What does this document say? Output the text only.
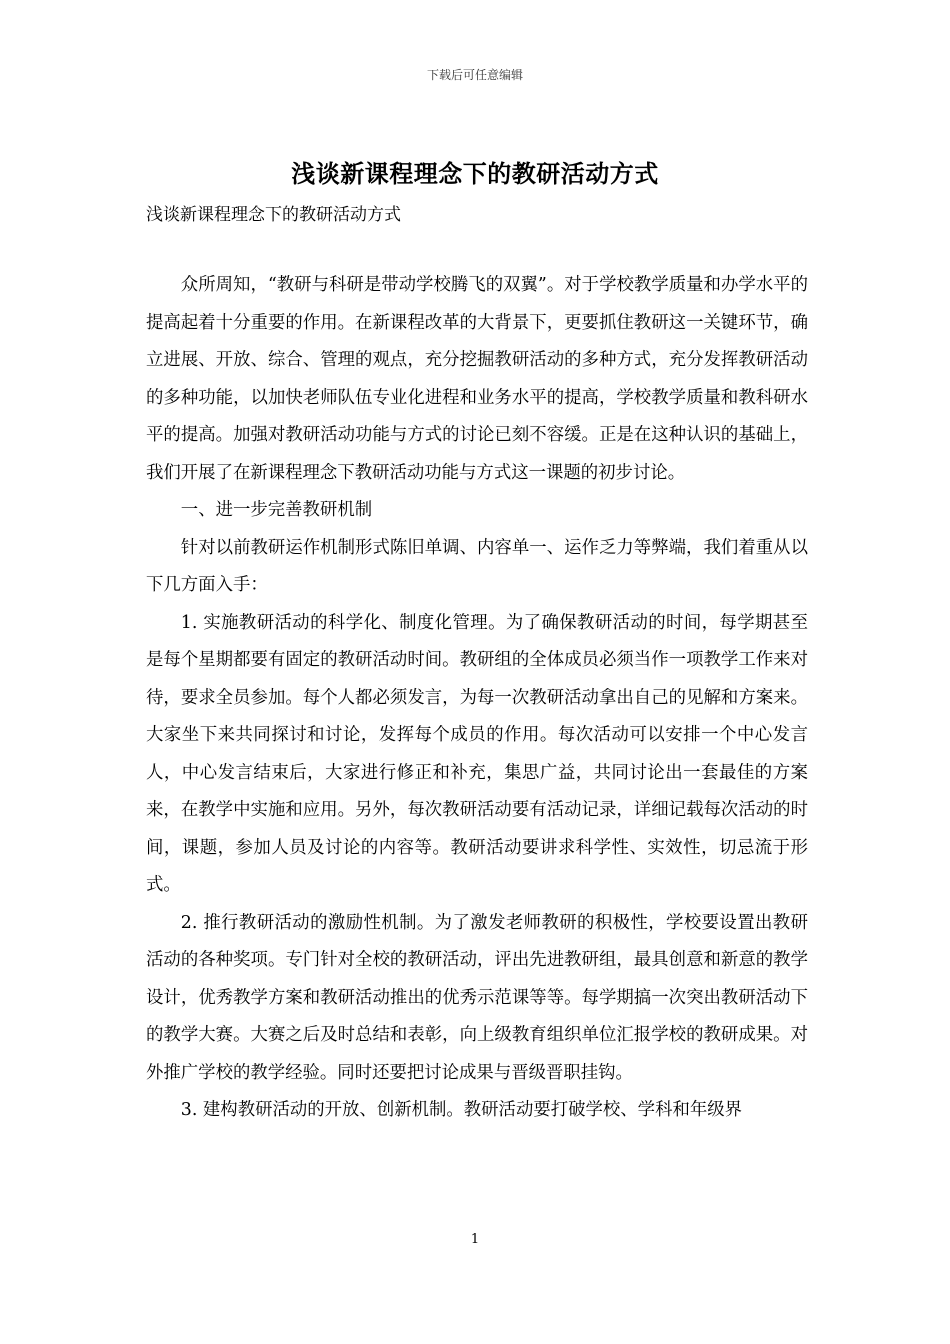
下载后可任意编辑
浅谈新课程理念下的教研活动方式

浅谈新课程理念下的教研活动方式

众所周知，“教研与科研是带动学校腾飞的双翼”。对于学校教学质量和办学水平的提高起着十分重要的作用。在新课程改革的大背景下，更要抓住教研这一关键环节，确立进展、开放、综合、管理的观点，充分挖掘教研活动的多种方式，充分发挥教研活动的多种功能，以加快老师队伍专业化进程和业务水平的提高，学校教学质量和教科研水平的提高。加强对教研活动功能与方式的讨论已刻不容缓。正是在这种认识的基础上，我们开展了在新课程理念下教研活动功能与方式这一课题的初步讨论。

一、进一步完善教研机制

针对以前教研运作机制形式陈旧单调、内容单一、运作乏力等弊端，我们着重从以下几方面入手：

1. 实施教研活动的科学化、制度化管理。为了确保教研活动的时间，每学期甚至是每个星期都要有固定的教研活动时间。教研组的全体成员必须当作一项教学工作来对待，要求全员参加。每个人都必须发言，为每一次教研活动拿出自己的见解和方案来。大家坐下来共同探讨和讨论，发挥每个成员的作用。每次活动可以安排一个中心发言人，中心发言结束后，大家进行修正和补充，集思广益，共同讨论出一套最佳的方案来，在教学中实施和应用。另外，每次教研活动要有活动记录，详细记载每次活动的时间，课题，参加人员及讨论的内容等。教研活动要讲求科学性、实效性，切忌流于形式。

2. 推行教研活动的激励性机制。为了激发老师教研的积极性，学校要设置出教研活动的各种奖项。专门针对全校的教研活动，评出先进教研组，最具创意和新意的教学设计，优秀教学方案和教研活动推出的优秀示范课等等。每学期搞一次突出教研活动下的教学大赛。大赛之后及时总结和表彰，向上级教育组织单位汇报学校的教研成果。对外推广学校的教学经验。同时还要把讨论成果与晋级晋职挂钩。

3. 建构教研活动的开放、创新机制。教研活动要打破学校、学科和年级界

1
